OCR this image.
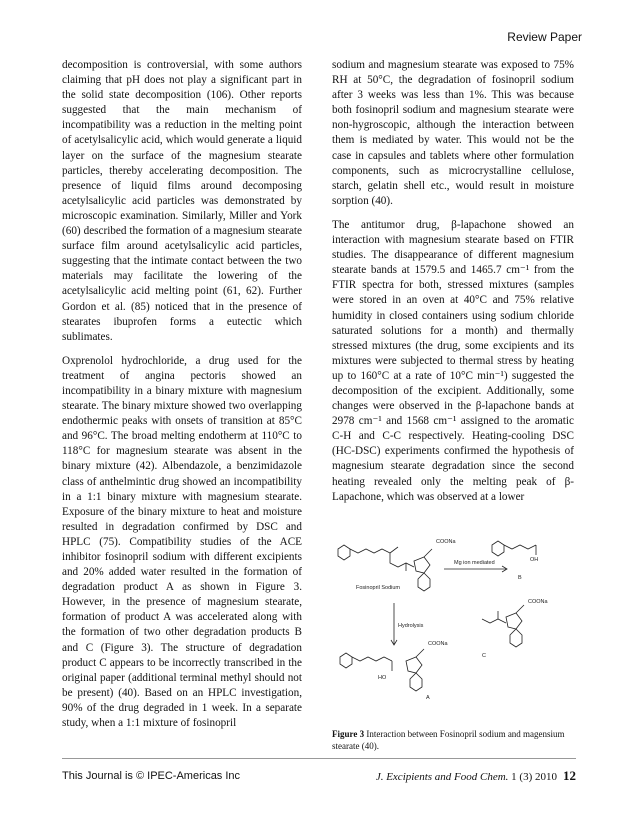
Review Paper

decomposition is controversial, with some authors claiming that pH does not play a significant part in the solid state decomposition (106). Other reports suggested that the main mechanism of incompatibility was a reduction in the melting point of acetylsalicylic acid, which would generate a liquid layer on the surface of the magnesium stearate particles, thereby accelerating decomposition. The presence of liquid films around decomposing acetylsalicylic acid particles was demonstrated by microscopic examination. Similarly, Miller and York (60) described the formation of a magnesium stearate surface film around acetylsalicylic acid particles, suggesting that the intimate contact between the two materials may facilitate the lowering of the acetylsalicylic acid melting point (61, 62). Further Gordon et al. (85) noticed that in the presence of stearates ibuprofen forms a eutectic which sublimates.

Oxprenolol hydrochloride, a drug used for the treatment of angina pectoris showed an incompatibility in a binary mixture with magnesium stearate. The binary mixture showed two overlapping endothermic peaks with onsets of transition at 85°C and 96°C. The broad melting endotherm at 110°C to 118°C for magnesium stearate was absent in the binary mixture (42). Albendazole, a benzimidazole class of anthelmintic drug showed an incompatibility in a 1:1 binary mixture with magnesium stearate. Exposure of the binary mixture to heat and moisture resulted in degradation confirmed by DSC and HPLC (75). Compatibility studies of the ACE inhibitor fosinopril sodium with different excipients and 20% added water resulted in the formation of degradation product A as shown in Figure 3. However, in the presence of magnesium stearate, formation of product A was accelerated along with the formation of two other degradation products B and C (Figure 3). The structure of degradation product C appears to be incorrectly transcribed in the original paper (additional terminal methyl should not be present) (40). Based on an HPLC investigation, 90% of the drug degraded in 1 week. In a separate study, when a 1:1 mixture of fosinopril

sodium and magnesium stearate was exposed to 75% RH at 50°C, the degradation of fosinopril sodium after 3 weeks was less than 1%. This was because both fosinopril sodium and magnesium stearate were non-hygroscopic, although the interaction between them is mediated by water. This would not be the case in capsules and tablets where other formulation components, such as microcrystalline cellulose, starch, gelatin shell etc., would result in moisture sorption (40).

The antitumor drug, β-lapachone showed an interaction with magnesium stearate based on FTIR studies. The disappearance of different magnesium stearate bands at 1579.5 and 1465.7 cm⁻¹ from the FTIR spectra for both, stressed mixtures (samples were stored in an oven at 40°C and 75% relative humidity in closed containers using sodium chloride saturated solutions for a month) and thermally stressed mixtures (the drug, some excipients and its mixtures were subjected to thermal stress by heating up to 160°C at a rate of 10°C min⁻¹) suggested the decomposition of the excipient. Additionally, some changes were observed in the β-lapachone bands at 2978 cm⁻¹ and 1568 cm⁻¹ assigned to the aromatic C-H and C-C respectively. Heating-cooling DSC (HC-DSC) experiments confirmed the hypothesis of magnesium stearate degradation since the second heating revealed only the melting peak of β-Lapachone, which was observed at a lower

COONa
Fosinopril Sodium
Mg ion mediated
Hydrolysis
OH
B
COONa
C
COONa
HO
A
Figure 3 Interaction between Fosinopril sodium and magensium stearate (40).
This Journal is © IPEC-Americas Inc	J. Excipients and Food Chem. 1 (3) 2010 12
